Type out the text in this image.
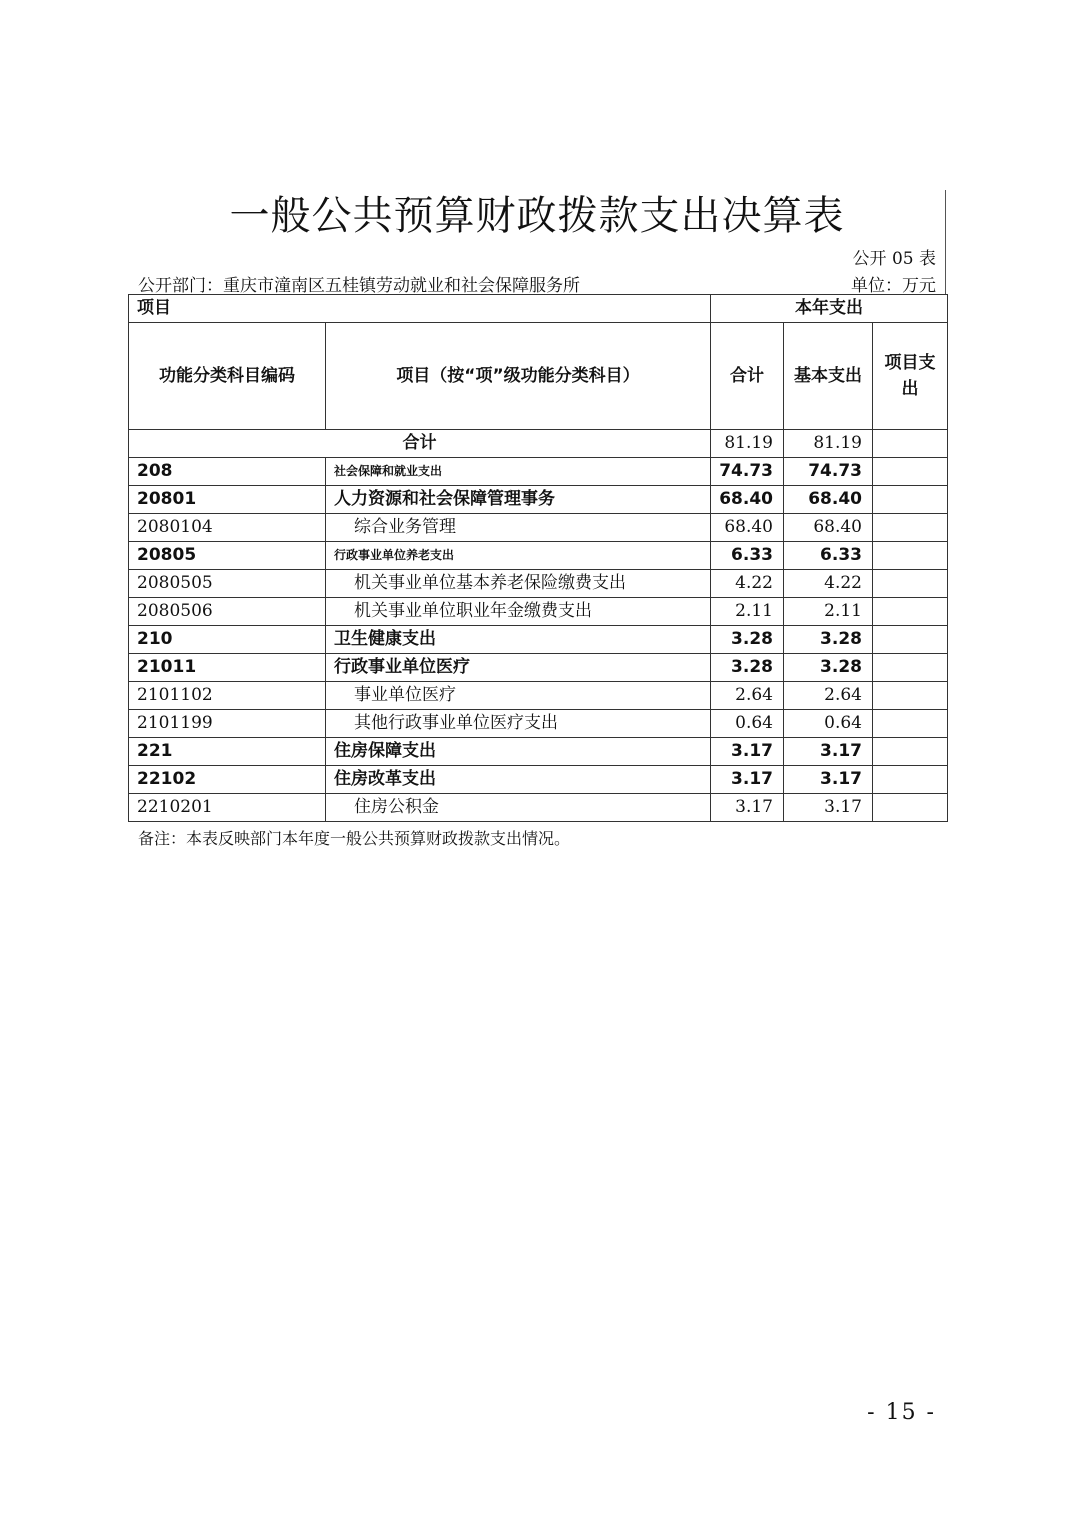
一般公共预算财政拨款支出决算表
公开 05 表
公开部门：重庆市潼南区五桂镇劳动就业和社会保障服务所	单位：万元
项目		本年支出		
功能分类科目编码	项目（按“项”级功能分类科目）	合计	基本支出	项目支出
合计		81.19	81.19	
208	社会保障和就业支出	74.73	74.73	
20801	人力资源和社会保障管理事务	68.40	68.40	
2080104	综合业务管理	68.40	68.40	
20805	行政事业单位养老支出	6.33	6.33	
2080505	机关事业单位基本养老保险缴费支出	4.22	4.22	
2080506	机关事业单位职业年金缴费支出	2.11	2.11	
210	卫生健康支出	3.28	3.28	
21011	行政事业单位医疗	3.28	3.28	
2101102	事业单位医疗	2.64	2.64	
2101199	其他行政事业单位医疗支出	0.64	0.64	
221	住房保障支出	3.17	3.17	
22102	住房改革支出	3.17	3.17	
2210201	住房公积金	3.17	3.17	
备注：本表反映部门本年度一般公共预算财政拨款支出情况。
- 15 -
